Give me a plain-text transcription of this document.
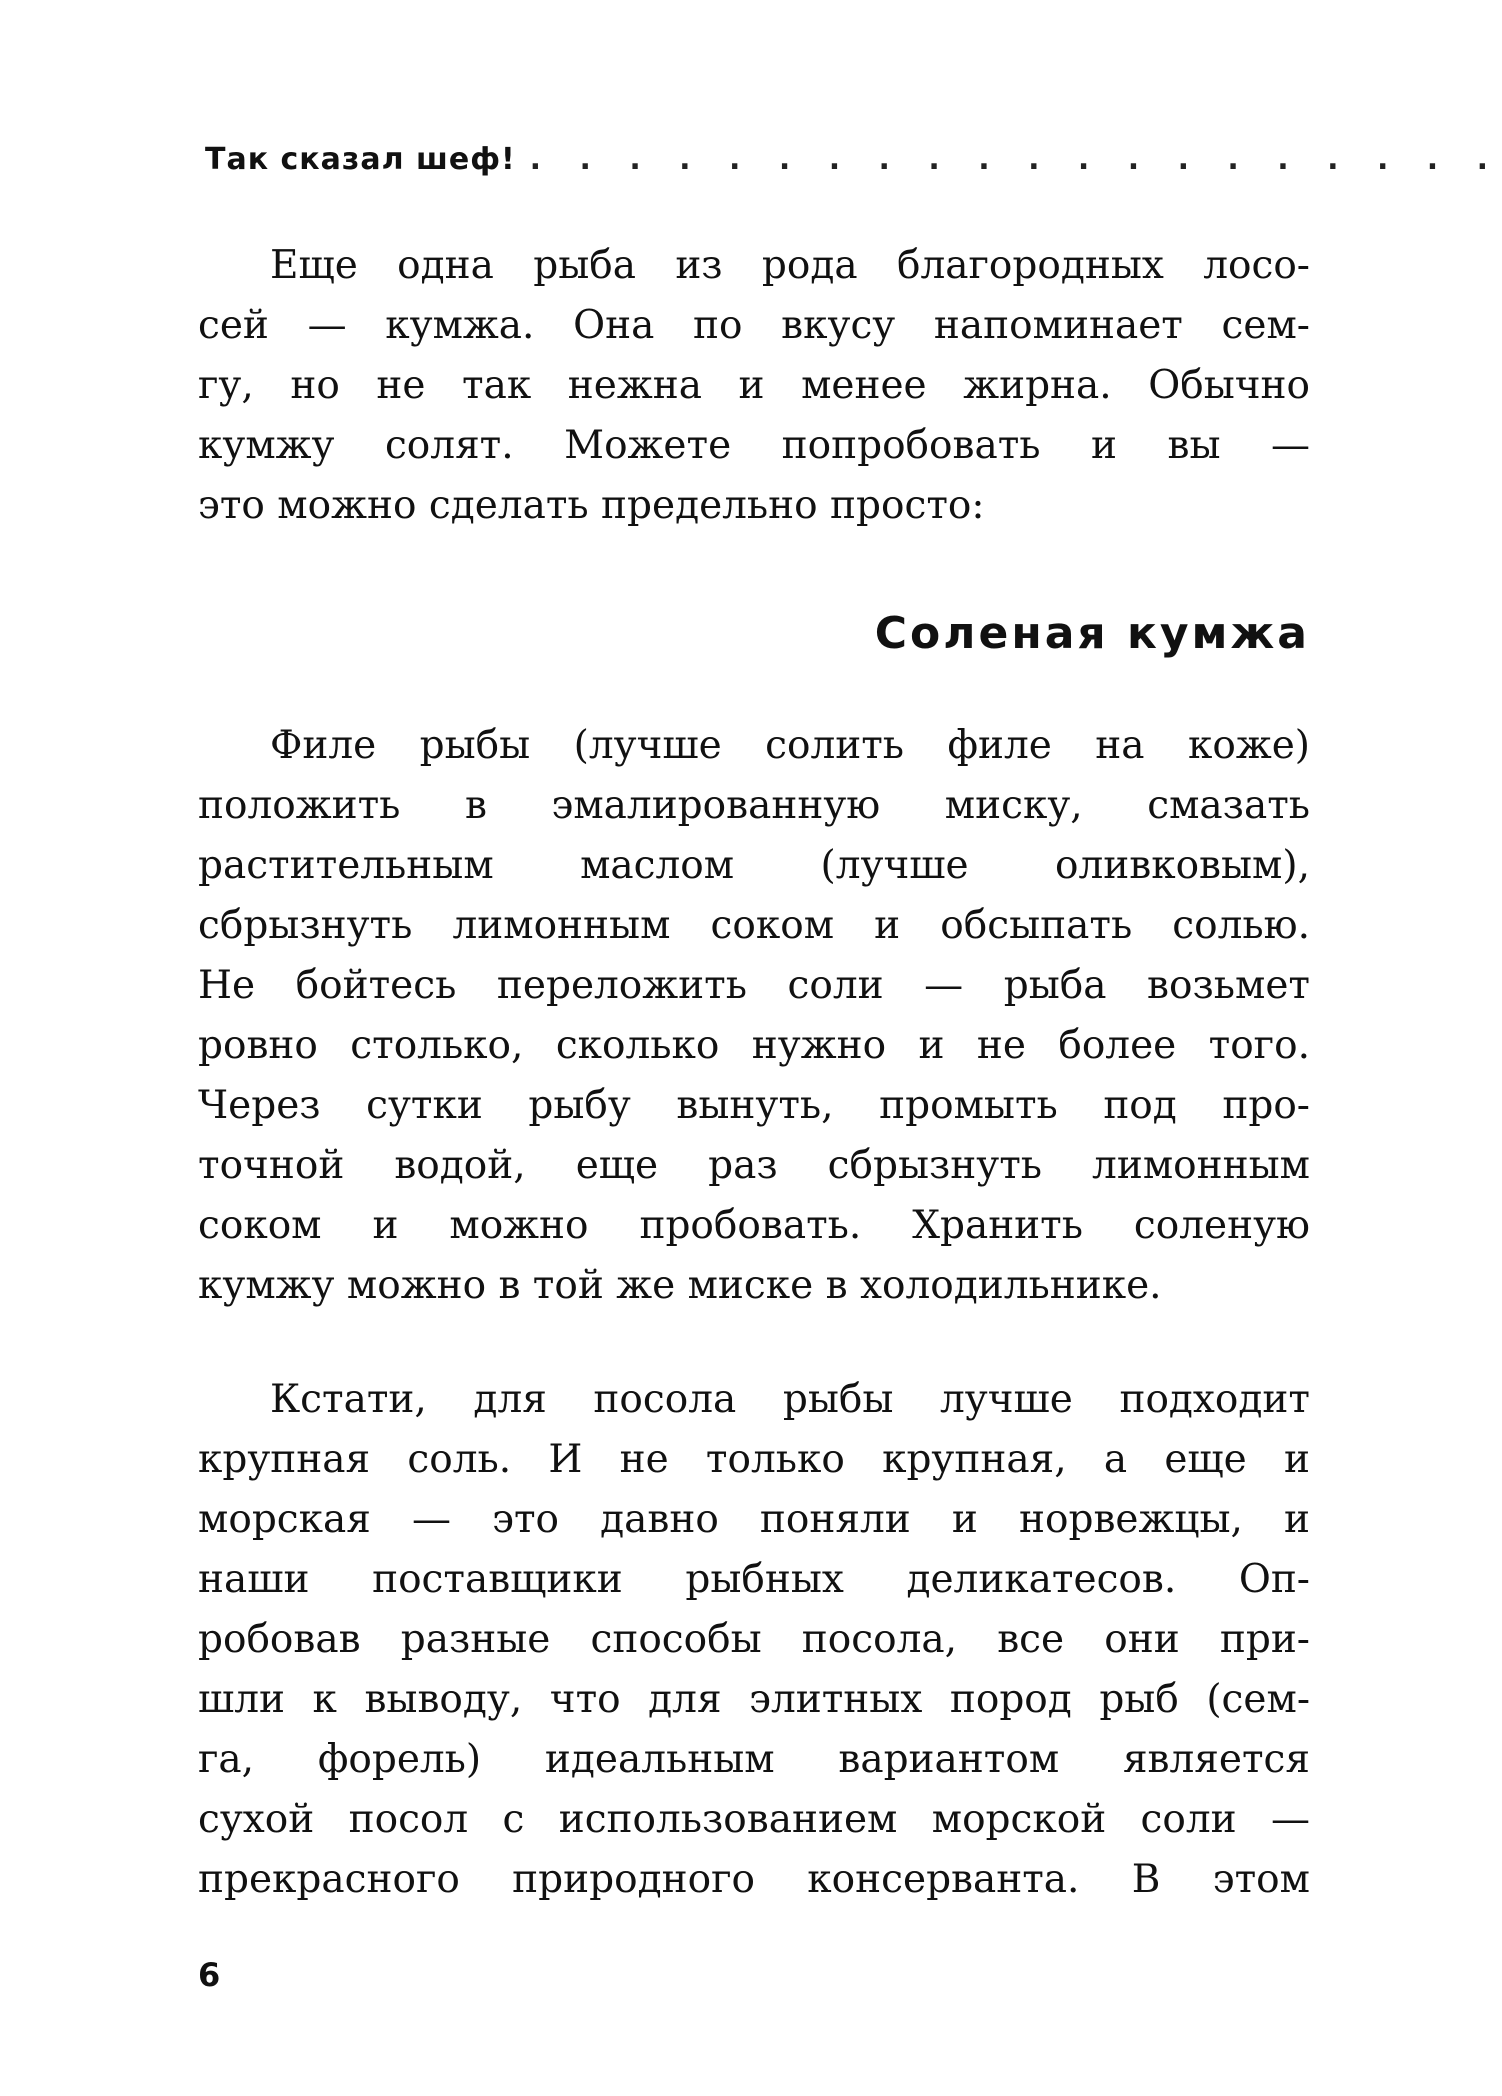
Так сказал шеф! . . . . . . . . . . . . . . . . . . . .
Еще одна рыба из рода благородных лосо-
сей — кумжа. Она по вкусу напоминает сем-
гу, но не так нежна и менее жирна. Обычно
кумжу солят. Можете попробовать и вы —
это можно сделать предельно просто:
Соленая кумжа
Филе рыбы (лучше солить филе на коже)
положить в эмалированную миску, смазать
растительным маслом (лучше оливковым),
сбрызнуть лимонным соком и обсыпать солью.
Не бойтесь переложить соли — рыба возьмет
ровно столько, сколько нужно и не более того.
Через сутки рыбу вынуть, промыть под про-
точной водой, еще раз сбрызнуть лимонным
соком и можно пробовать. Хранить соленую
кумжу можно в той же миске в холодильнике.
Кстати, для посола рыбы лучше подходит
крупная соль. И не только крупная, а еще и
морская — это давно поняли и норвежцы, и
наши поставщики рыбных деликатесов. Оп-
робовав разные способы посола, все они при-
шли к выводу, что для элитных пород рыб (сем-
га, форель) идеальным вариантом является
сухой посол с использованием морской соли —
прекрасного природного консерванта. В этом
6
